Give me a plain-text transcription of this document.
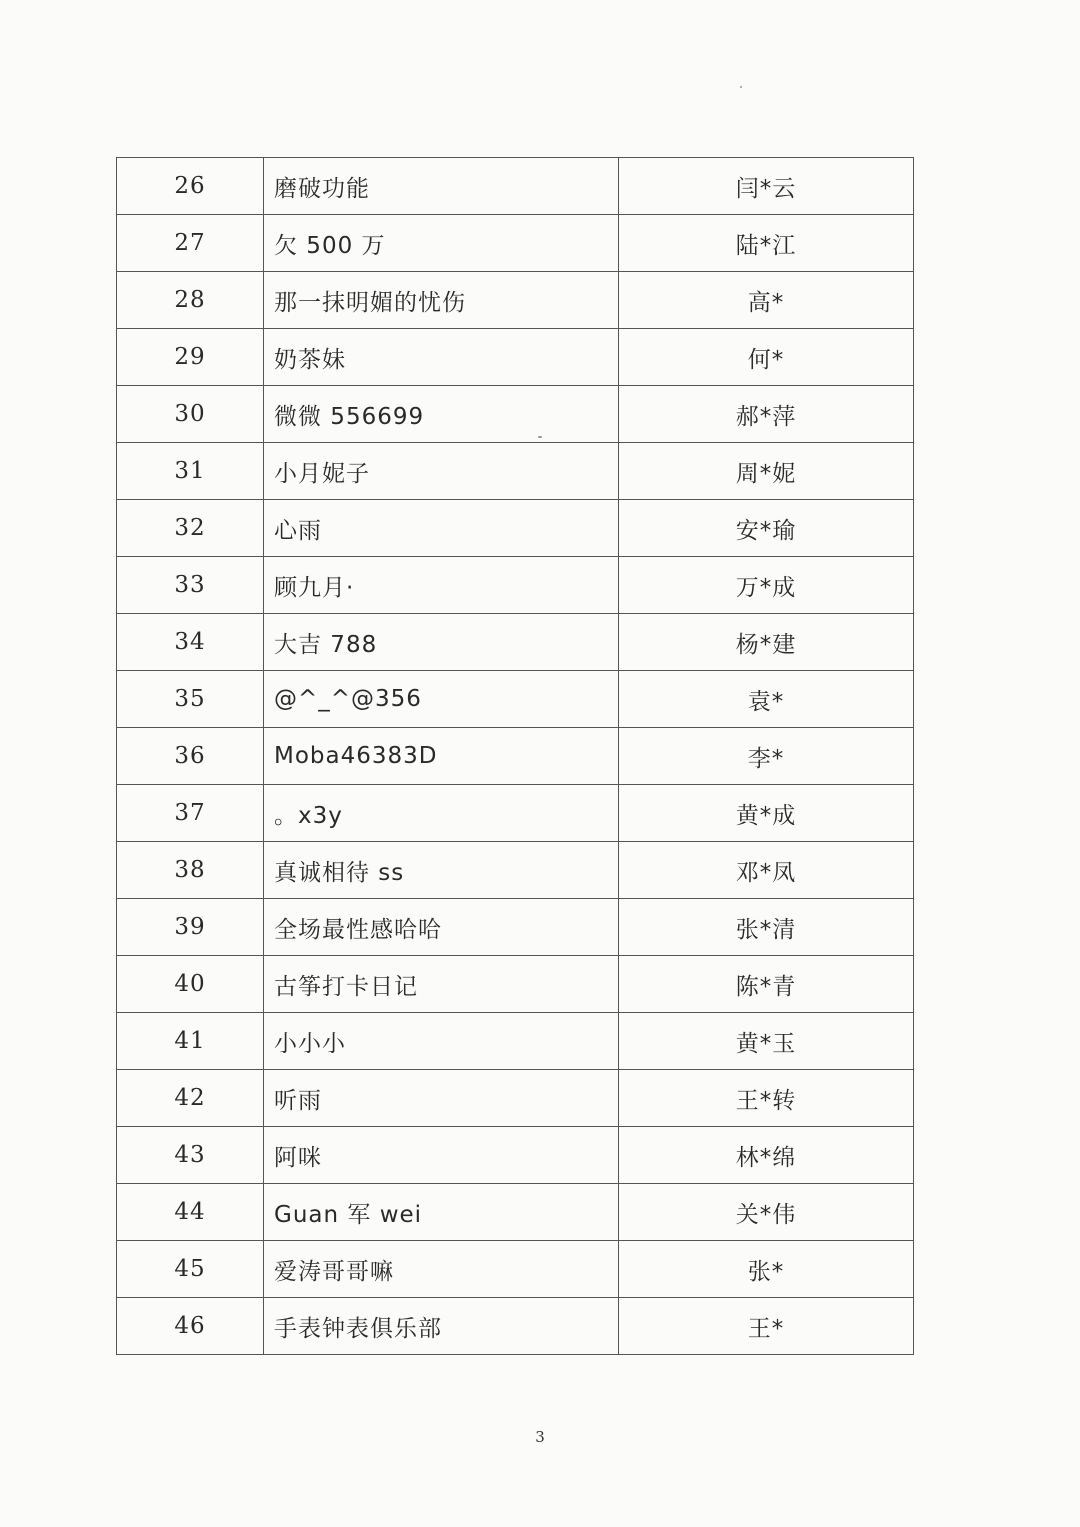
26	磨破功能	闫*云
27	欠 500 万	陆*江
28	那一抹明媚的忧伤	高*
29	奶茶妹	何*
30	微微 556699	郝*萍
31	小月妮子	周*妮
32	心雨	安*瑜
33	顾九月·	万*成
34	大吉 788	杨*建
35	@^_^@356	袁*
36	Moba46383D	李*
37	。x3y	黄*成
38	真诚相待 ss	邓*凤
39	全场最性感哈哈	张*清
40	古筝打卡日记	陈*青
41	小小小	黄*玉
42	听雨	王*转
43	阿咪	林*绵
44	Guan 军 wei	关*伟
45	爱涛哥哥嘛	张*
46	手表钟表俱乐部	王*
3
